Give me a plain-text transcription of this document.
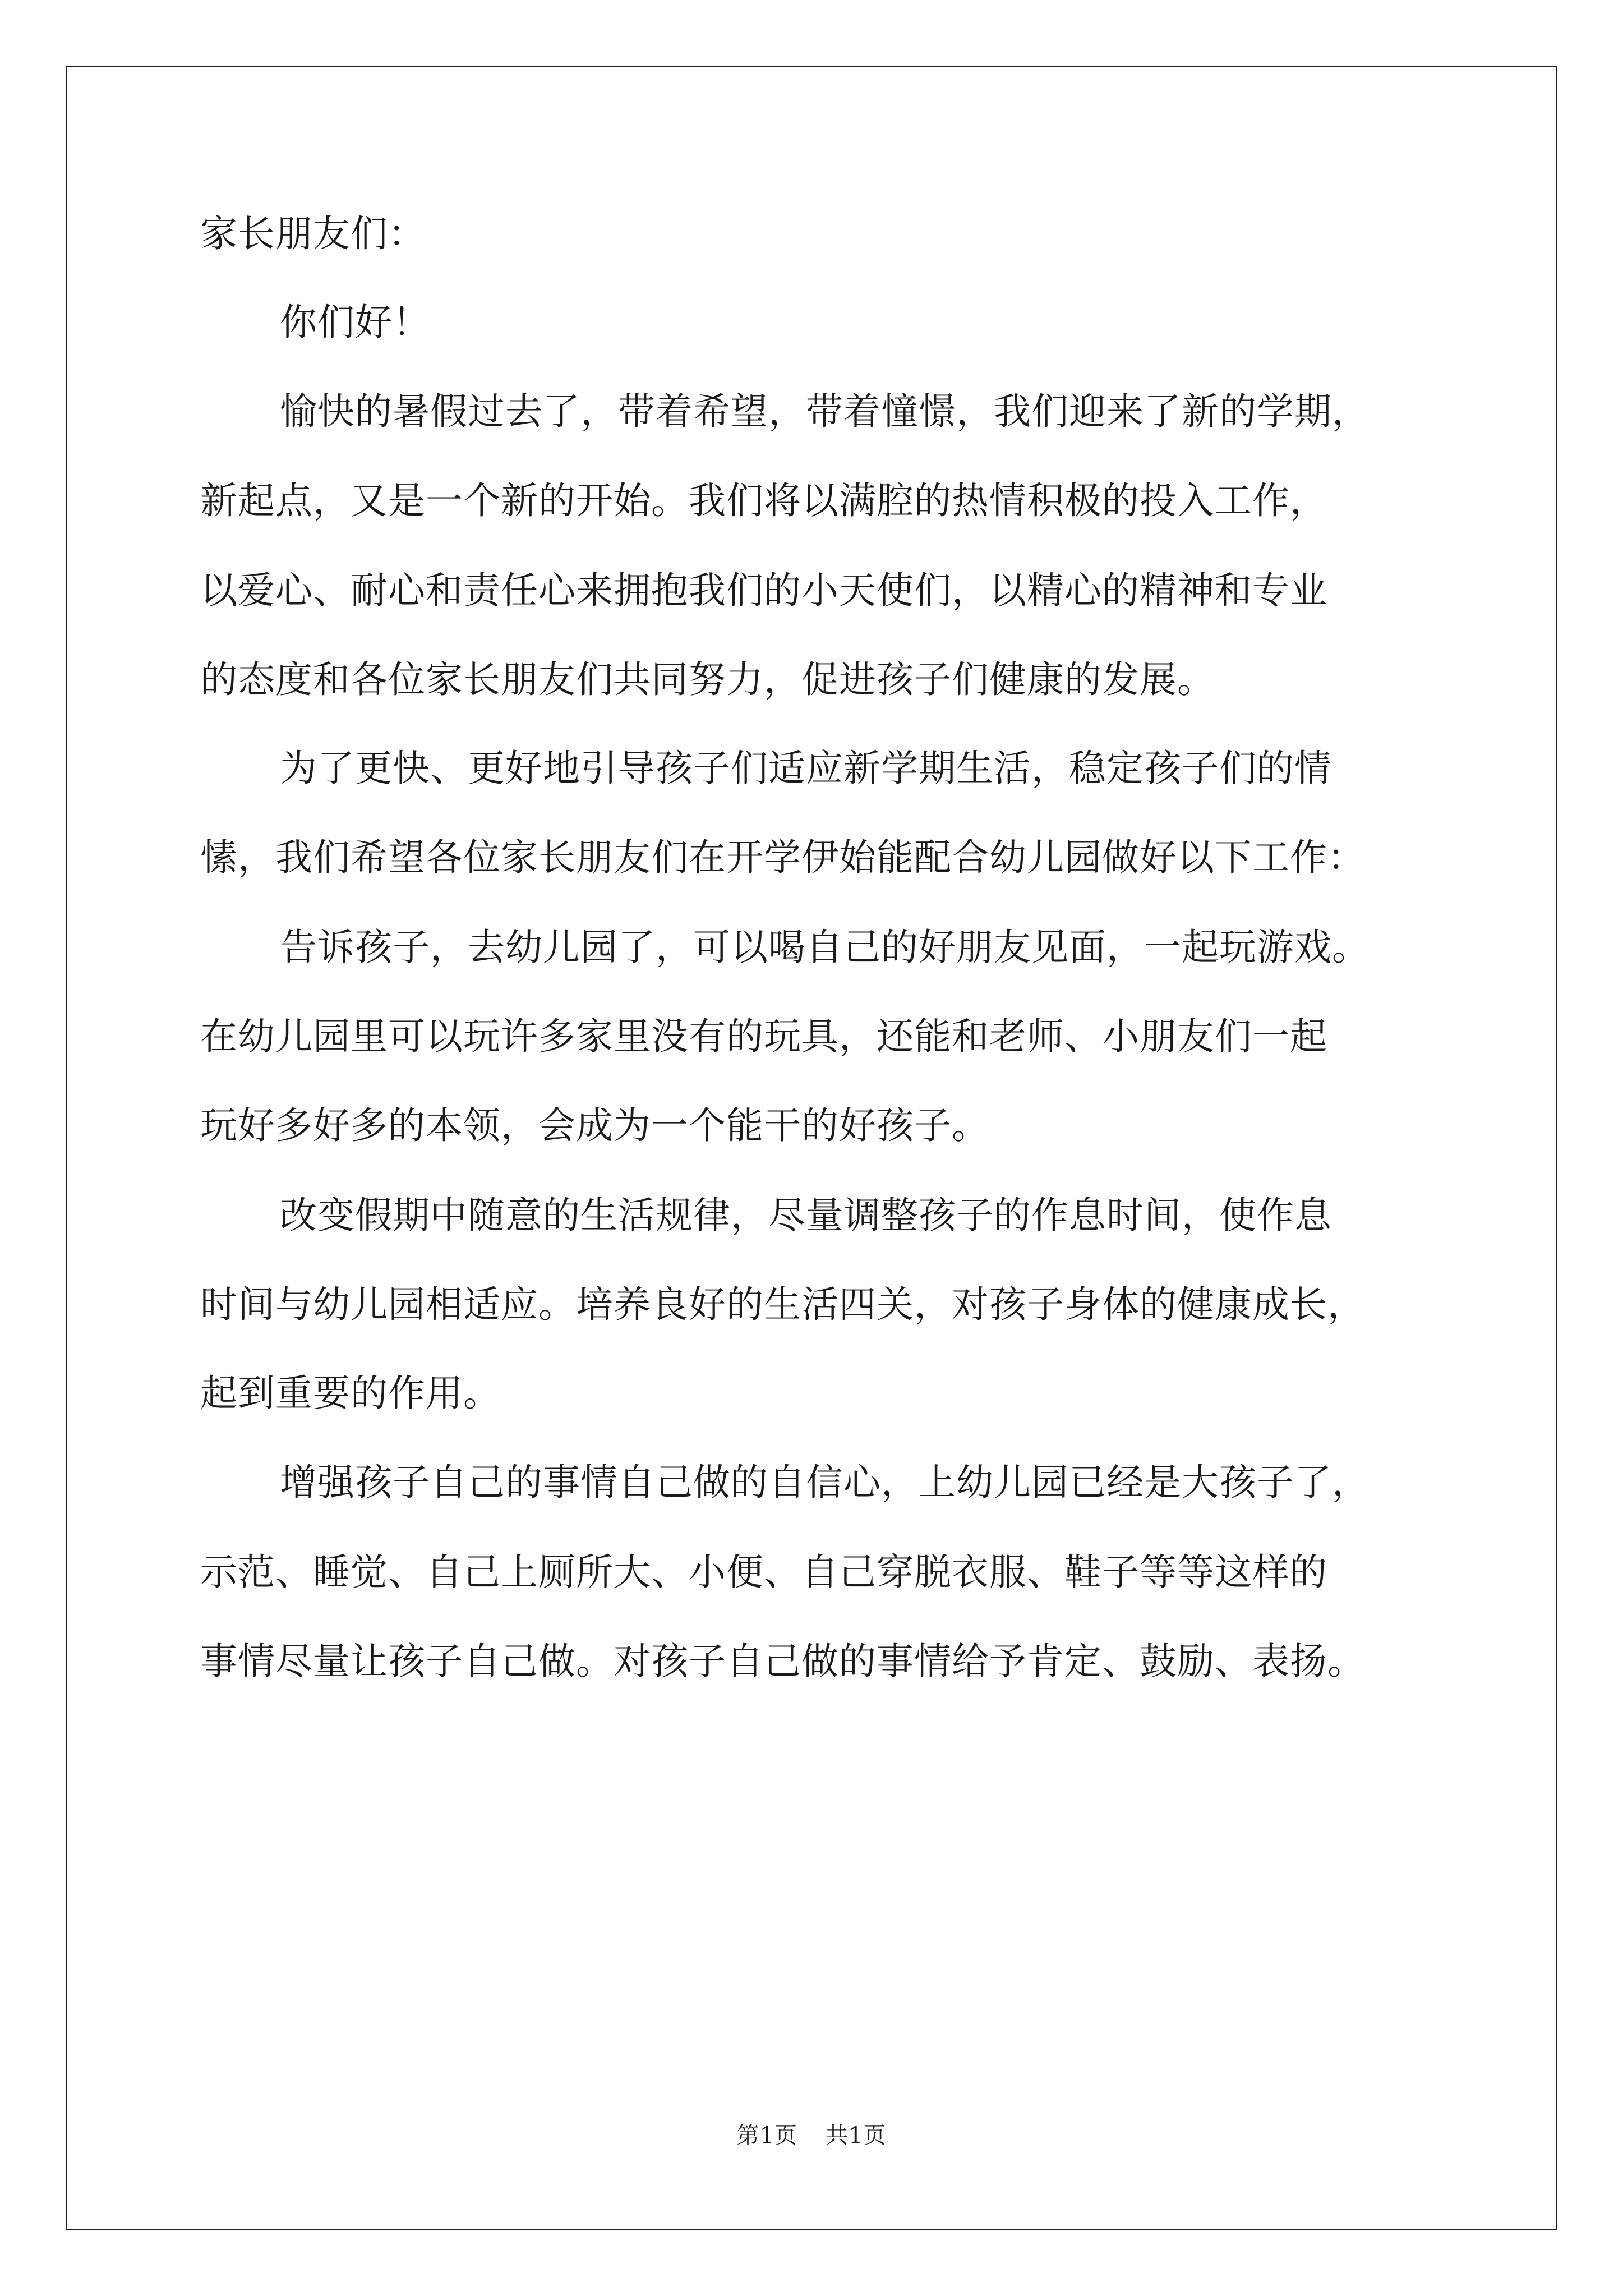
家长朋友们：
你们好！
愉快的暑假过去了，带着希望，带着憧憬，我们迎来了新的学期，
新起点，又是一个新的开始。我们将以满腔的热情积极的投入工作，
以爱心、耐心和责任心来拥抱我们的小天使们，以精心的精神和专业
的态度和各位家长朋友们共同努力，促进孩子们健康的发展。
为了更快、更好地引导孩子们适应新学期生活，稳定孩子们的情
愫，我们希望各位家长朋友们在开学伊始能配合幼儿园做好以下工作：
告诉孩子，去幼儿园了，可以喝自己的好朋友见面，一起玩游戏。
在幼儿园里可以玩许多家里没有的玩具，还能和老师、小朋友们一起
玩好多好多的本领，会成为一个能干的好孩子。
改变假期中随意的生活规律，尽量调整孩子的作息时间，使作息
时间与幼儿园相适应。培养良好的生活四关，对孩子身体的健康成长，
起到重要的作用。
增强孩子自己的事情自己做的自信心，上幼儿园已经是大孩子了，
示范、睡觉、自己上厕所大、小便、自己穿脱衣服、鞋子等等这样的
事情尽量让孩子自己做。对孩子自己做的事情给予肯定、鼓励、表扬。
第1页 共1页
